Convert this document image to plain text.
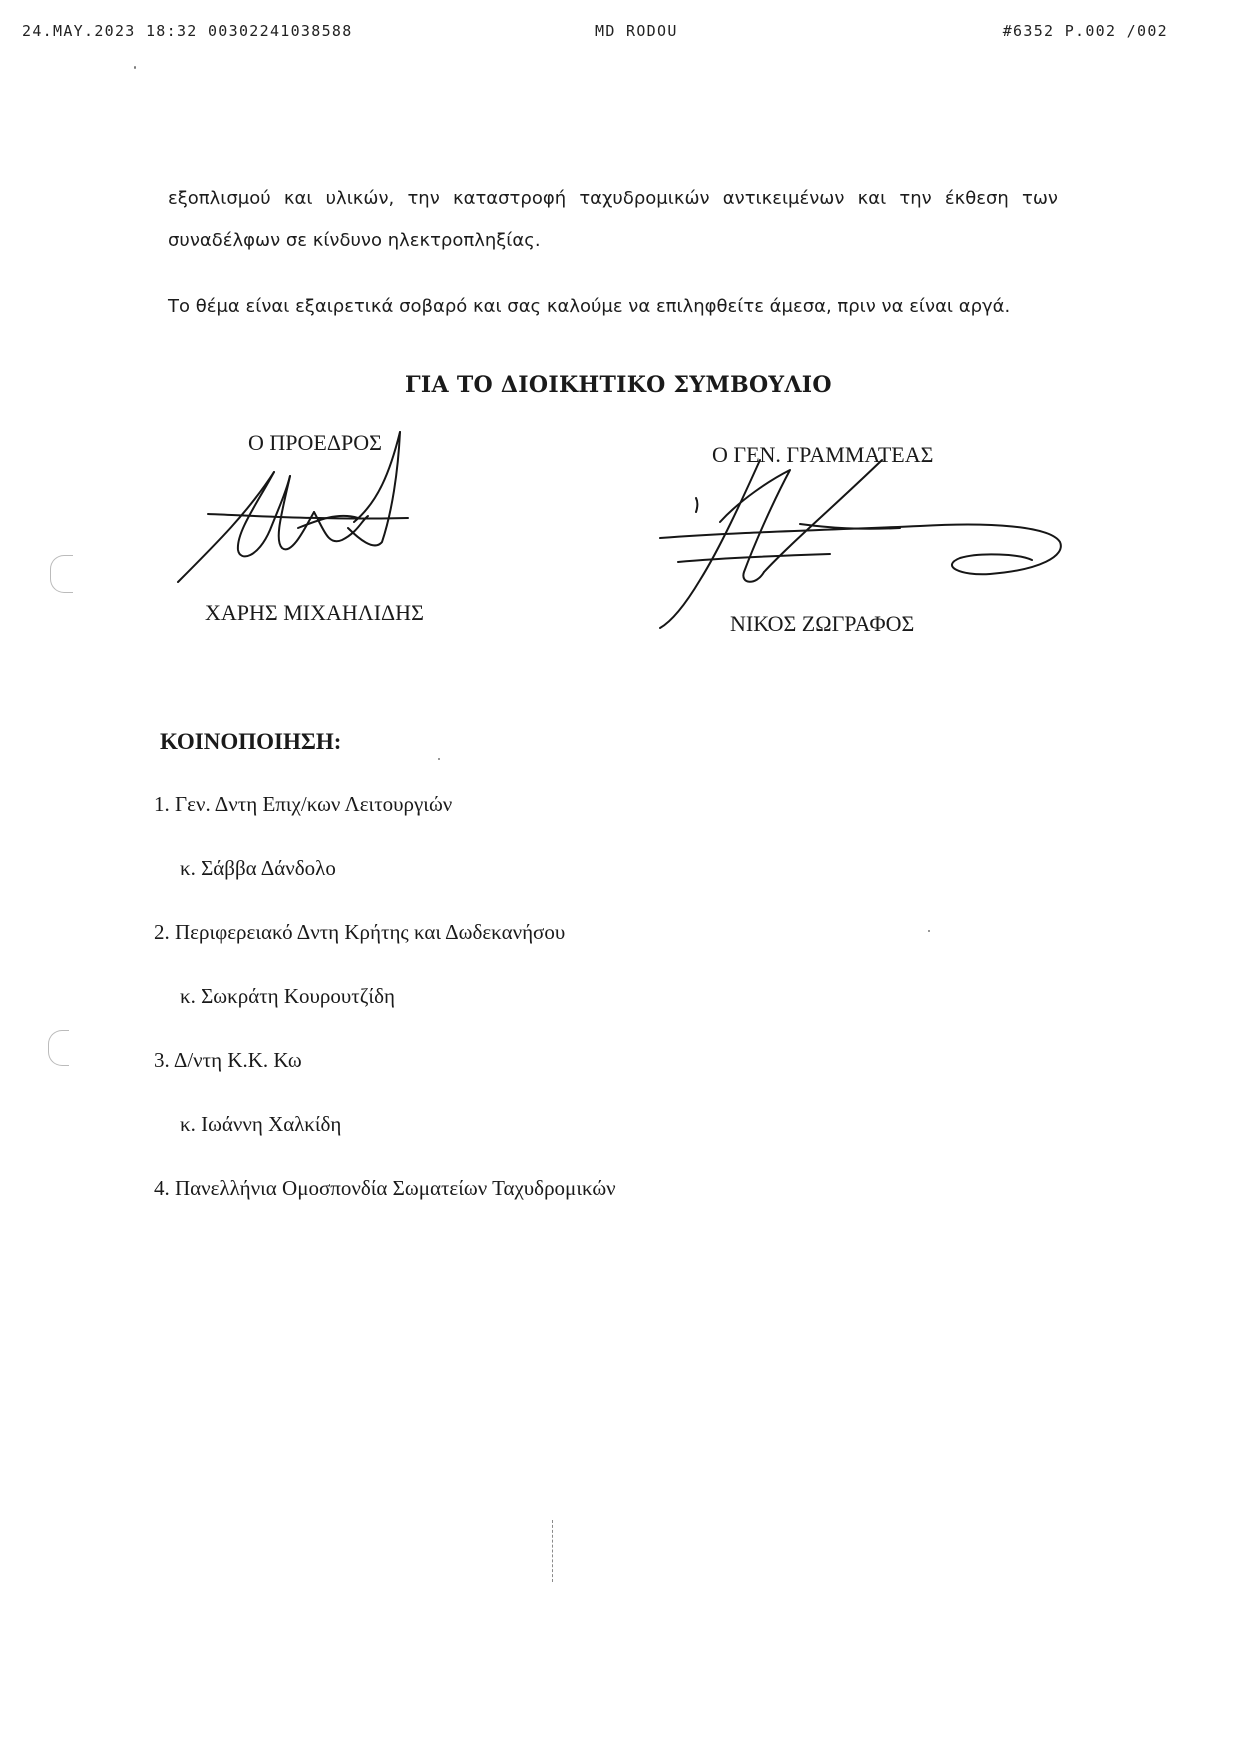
24.MAY.2023 18:32 00302241038588	MD RODOU	#6352 P.002 /002

εξοπλισμού και υλικών, την καταστροφή ταχυδρομικών αντικειμένων και την έκθεση των συναδέλφων σε κίνδυνο ηλεκτροπληξίας.

Το θέμα είναι εξαιρετικά σοβαρό και σας καλούμε να επιληφθείτε άμεσα, πριν να είναι αργά.

ΓΙΑ ΤΟ ΔΙΟΙΚΗΤΙΚΟ ΣΥΜΒΟΥΛΙΟ
Ο ΠΡΟΕΔΡΟΣ
ΧΑΡΗΣ ΜΙΧΑΗΛΙΔΗΣ
Ο ΓΕΝ. ΓΡΑΜΜΑΤΕΑΣ
ΝΙΚΟΣ ΖΩΓΡΑΦΟΣ
ΚΟΙΝΟΠΟΙΗΣΗ:
1. Γεν. Δντη Επιχ/κων Λειτουργιών
κ. Σάββα Δάνδολο
2. Περιφερειακό Δντη Κρήτης και Δωδεκανήσου
κ. Σωκράτη Κουρουτζίδη
3. Δ/ντη Κ.Κ. Κω
κ. Ιωάννη Χαλκίδη
4. Πανελλήνια Ομοσπονδία Σωματείων Ταχυδρομικών
